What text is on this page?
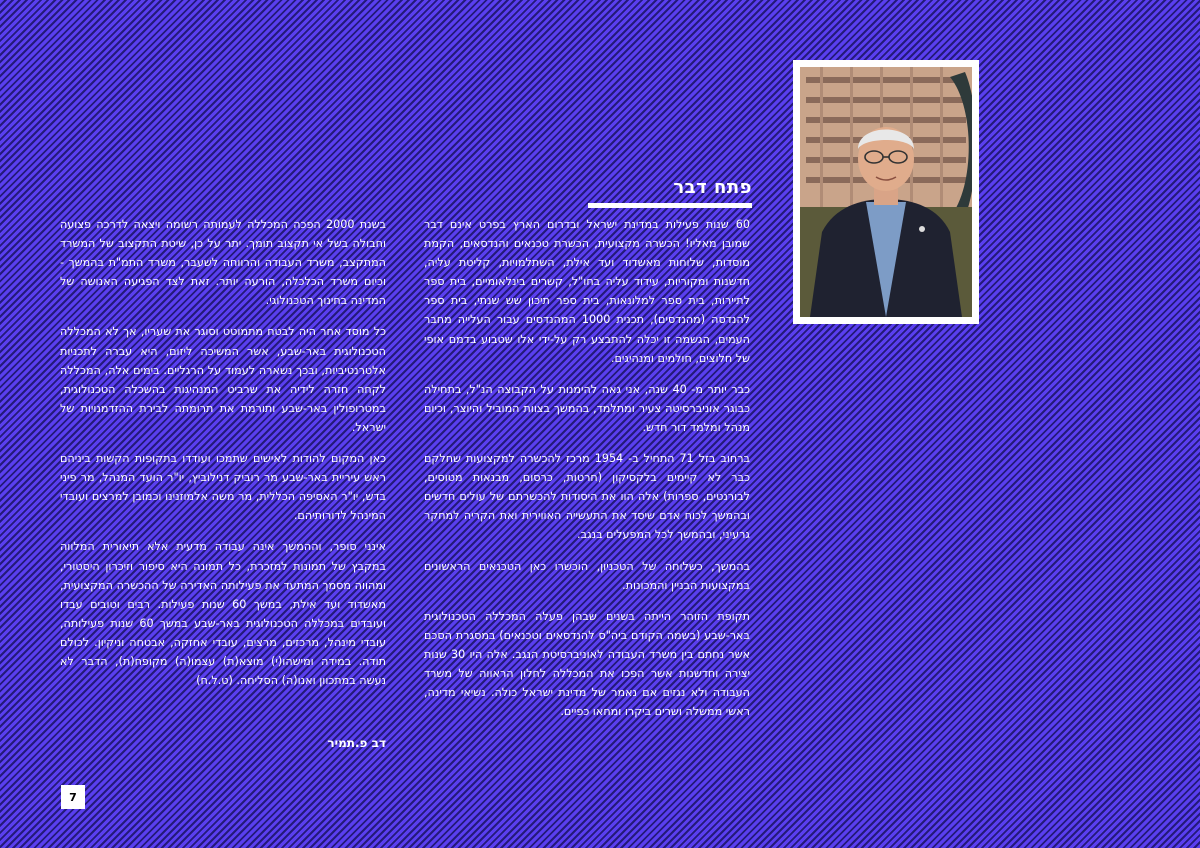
פתח דבר

60 שנות פעילות במדינת ישראל ובדרום הארץ בפרט אינם דבר שמובן מאליו! הכשרה מקצועית, הכשרת טכנאים והנדסאים, הקמת מוסדות, שלוחות מאשדוד ועד אילת, השתלמויות, קליטת עליה, חדשנות ומקוריות, עידוד עליה בחו"ל, קשרים בינלאומיים, בית ספר לתיירות, בית ספר למלונאות, בית ספר תיכון שש שנתי, בית ספר להנדסה (מהנדסים), תכנית 1000 המהנדסים עבור העלייה מחבר העמים, הגשמה זו יכלה להתבצע רק על-ידי אלו שטבוע בדמם אופי של חלוצים, חולמים ומנהיגים.

כבר יותר מ- 40 שנה, אני גאה להימנות על הקבוצה הנ"ל, בתחילה כבוגר אוניברסיטה צעיר ומתלמד, בהמשך בצוות המוביל והיוצר, וכיום מנהל ומלמד דור חדש.

ברחוב בזל 71 התחיל ב- 1954 מרכז להכשרה למקצועות שחלקם כבר לא קיימים בלקסיקון (חרטות, כרסום, מבנאות מטוסים, לבורנטים, ספרות) אלה הוו את היסודות להכשרתם של עולים חדשים ובהמשך לכוח אדם שיסד את התעשייה האווירית ואת הקריה למחקר גרעיני, ובהמשך לכל המפעלים בנגב.

בהמשך, כשלוחה של הטכניון, הוכשרו כאן הטכנאים הראשונים במקצועות הבניין והמכונות.

תקופת הזוהר הייתה בשנים שבהן פעלה המכללה הטכנולוגית באר-שבע (בשמה הקודם ביה"ס להנדסאים וטכנאים) במסגרת הסכם אשר נחתם בין משרד העבודה לאוניברסיטת הנגב. אלה היו 30 שנות יצירה וחדשנות אשר הפכו את המכללה לחלון הראווה של משרד העבודה ולא נגזים אם נאמר של מדינת ישראל כולה. נשיאי מדינה, ראשי ממשלה ושרים ביקרו ומחאו כפיים.

בשנת 2000 הפכה המכללה לעמותה רשומה ויצאה לדרכה פצועה וחבולה בשל אי תקצוב תומך. יתר על כן, שיטת התקצוב של המשרד המתקצב, משרד העבודה והרווחה לשעבר, משרד התמ"ת בהמשך - וכיום משרד הכלכלה, הורעה יותר. זאת לצד הפגיעה האנושה של המדינה בחינוך הטכנולוגי.

כל מוסד אחר היה לבטח מתמוטט וסוגר את שעריו, אך לא המכללה הטכנולוגית באר-שבע, אשר המשיכה ליזום, היא עברה לתכניות אלטרנטיביות, ובכך נשארה לעמוד על הרגליים. בימים אלה, המכללה לקחה חזרה לידיה את שרביט המנהיגות בהשכלה הטכנולוגית, במטרופולין באר-שבע ותורמת את תרומתה לבירת ההזדמנויות של ישראל.

כאן המקום להודות לאישים שתמכו ועודדו בתקופות הקשות ביניהם ראש עיריית באר-שבע מר רוביק דנילוביץ, יו"ר הועד המנהל, מר פיני בדש, יו"ר האסיפה הכללית, מר משה אלמוזנינו וכמובן למרצים ועובדי המינהל לדורותיהם.

אינני סופר, וההמשך אינה עבודה מדעית אלא תיאורית המלווה במקבץ של תמונות למזכרת, כל תמונה היא סיפור וזיכרון היסטורי, ומהווה מסמך המתעד את פעילותה האדירה של ההכשרה המקצועית, מאשדוד ועד אילת, במשך 60 שנות פעילות. רבים וטובים עבדו ועובדים במכללה הטכנולוגית באר-שבע במשך 60 שנות פעילותה, עובדי מינהל, מרכזים, מרצים, עובדי אחזקה, אבטחה וניקיון. לכולם תודה. במידה ומישהו(י) מוצא(ת) עצמו(ה) מקופח(ת), הדבר לא נעשה במתכוון ואנו(ה) הסליחה. (ט.ל.ח)

דב פ.תמיר
7
